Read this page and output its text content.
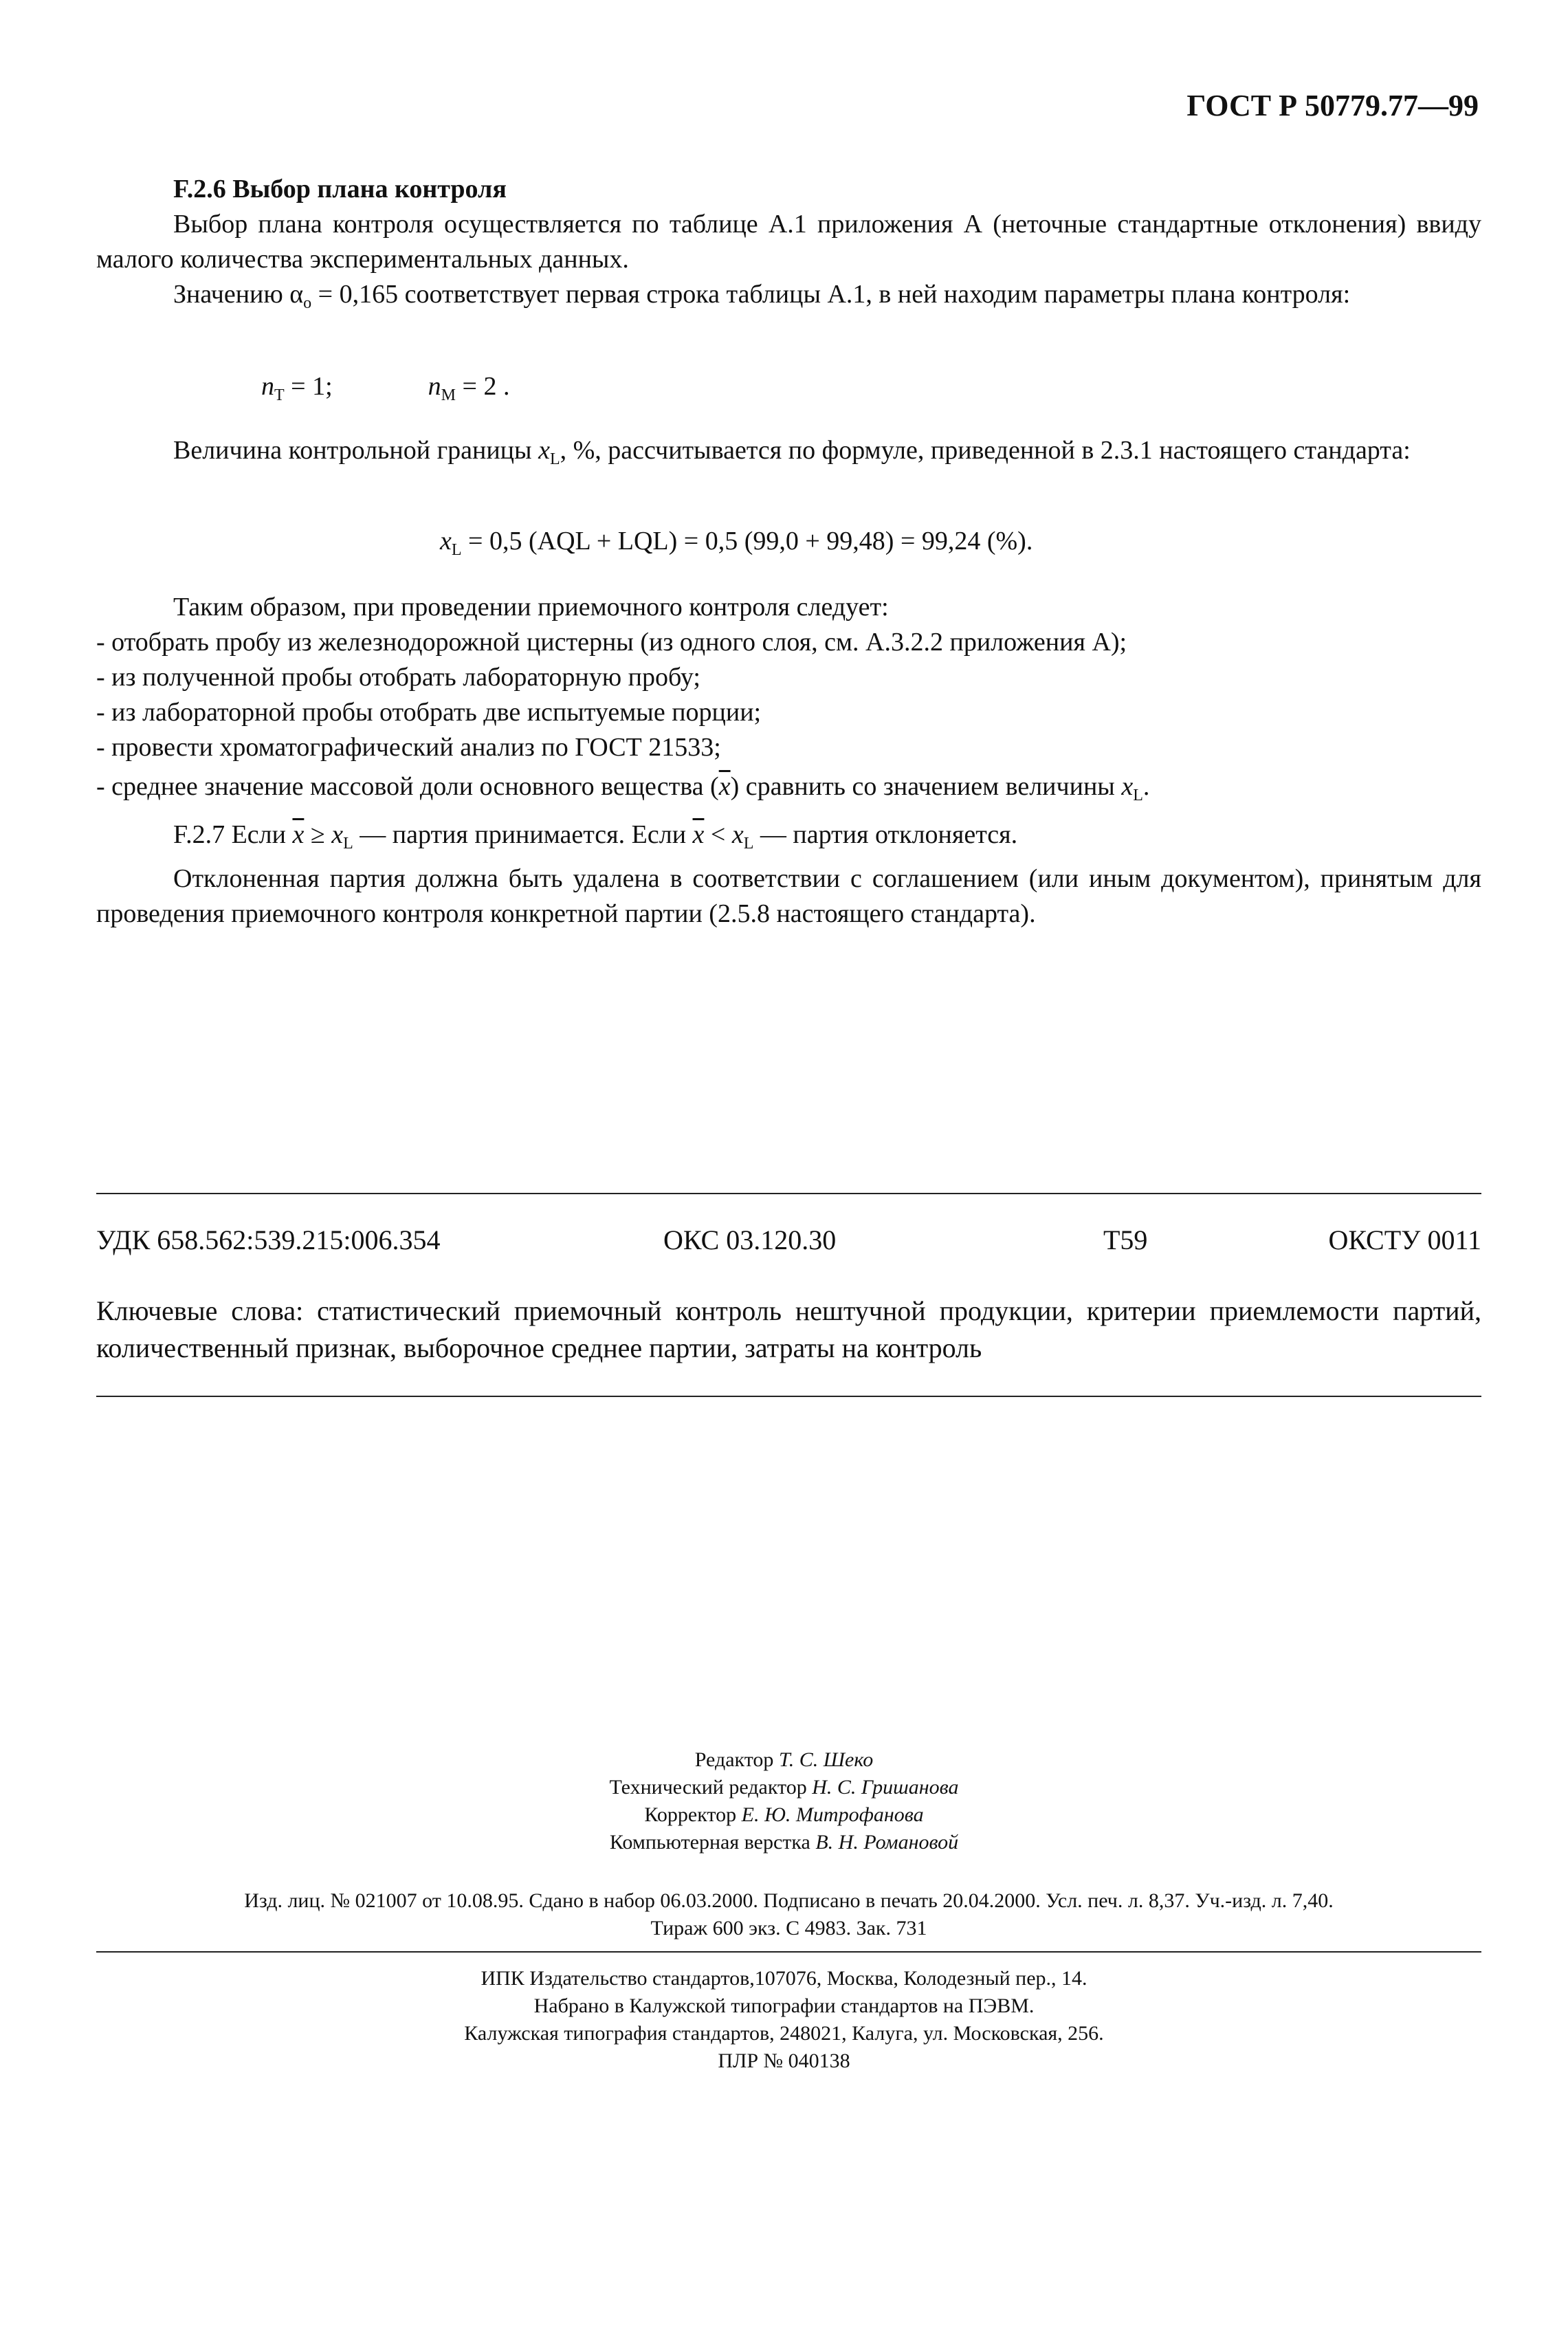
ГОСТ Р 50779.77—99

F.2.6 Выбор плана контроля

Выбор плана контроля осуществляется по таблице А.1 приложения А (неточные стандартные отклонения) ввиду малого количества экспериментальных данных.

Значению $\alpha_о = 0,165$ соответствует первая строка таблицы А.1, в ней находим параметры плана контроля:

$n_Т = 1$;	$n_М = 2$ .

Величина контрольной границы $x_L$, %, рассчитывается по формуле, приведенной в 2.3.1 настоящего стандарта:

$x_L = 0,5$ (AQL + LQL) = 0,5 (99,0 + 99,48) = 99,24 (%).

Таким образом, при проведении приемочного контроля следует:

- отобрать пробу из железнодорожной цистерны (из одного слоя, см. А.3.2.2 приложения А);

- из полученной пробы отобрать лабораторную пробу;

- из лабораторной пробы отобрать две испытуемые порции;

- провести хроматографический анализ по ГОСТ 21533;

- среднее значение массовой доли основного вещества $(\overline{x})$ сравнить со значением величины $x_L$.

F.2.7 Если $\overline{x} \ge x_L$ — партия принимается. Если $\overline{x} < x_L$ — партия отклоняется.

Отклоненная партия должна быть удалена в соответствии с соглашением (или иным документом), принятым для проведения приемочного контроля конкретной партии (2.5.8 настоящего стандарта).

УДК 658.562:539.215:006.354	ОКС 03.120.30	Т59	ОКСТУ 0011
Ключевые слова: статистический приемочный контроль нештучной продукции, критерии приемлемости партий, количественный признак, выборочное среднее партии, затраты на контроль
Редактор Т. С. Шеко
Технический редактор Н. С. Гришанова
Корректор Е. Ю. Митрофанова
Компьютерная верстка В. Н. Романовой
Изд. лиц. № 021007 от 10.08.95. Сдано в набор 06.03.2000. Подписано в печать 20.04.2000. Усл. печ. л. 8,37. Уч.-изд. л. 7,40.
Тираж 600 экз. С 4983. Зак. 731
ИПК Издательство стандартов,107076, Москва, Колодезный пер., 14.
Набрано в Калужской типографии стандартов на ПЭВМ.
Калужская типография стандартов, 248021, Калуга, ул. Московская, 256.
ПЛР № 040138
